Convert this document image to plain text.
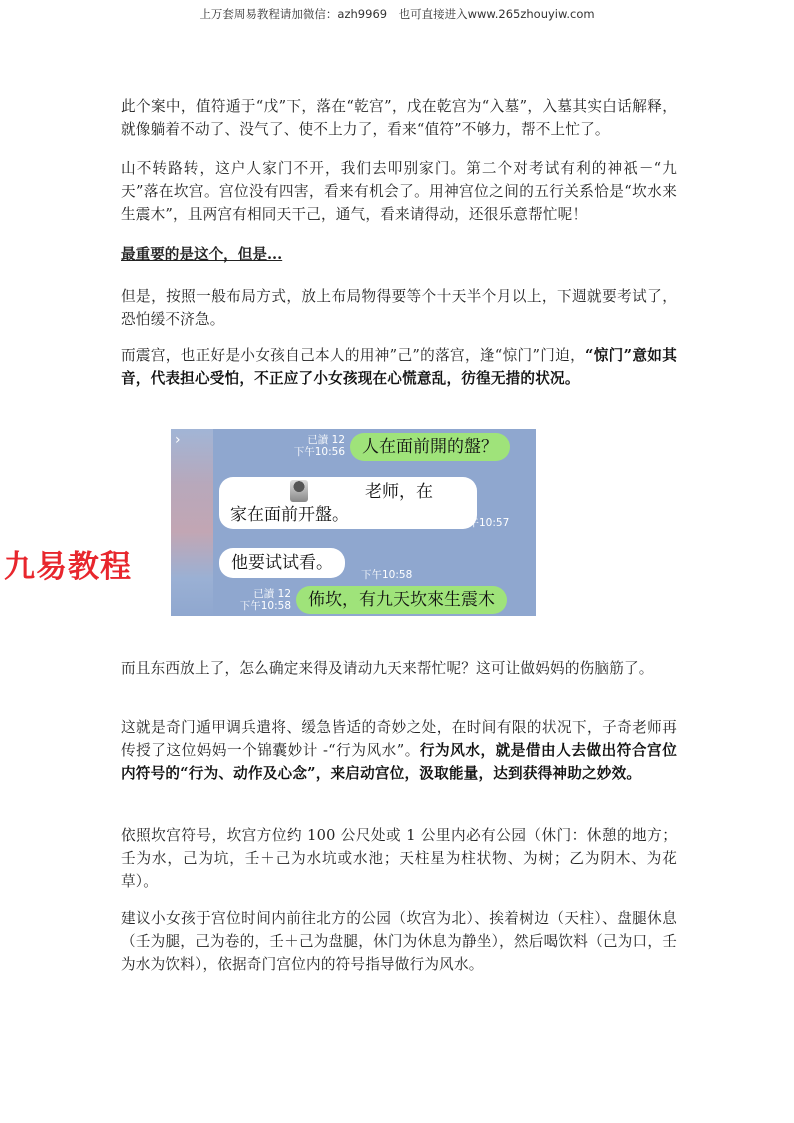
上万套周易教程请加微信：azh9969　也可直接进入www.265zhouyiw.com

此个案中，值符遁于“戊”下，落在“乾宫”，戊在乾宫为“入墓”，入墓其实白话解释，就像躺着不动了、没气了、使不上力了，看来“值符”不够力，帮不上忙了。

山不转路转，这户人家门不开，我们去叩别家门。第二个对考试有利的神祇－“九天”落在坎宫。宫位没有四害，看来有机会了。用神宫位之间的五行关系恰是“坎水来生震木”，且两宫有相同天干己，通气，看来请得动，还很乐意帮忙呢！

最重要的是这个，但是...

但是，按照一般布局方式，放上布局物得要等个十天半个月以上，下週就要考试了，恐怕缓不济急。

而震宫，也正好是小女孩自己本人的用神”己”的落宫，逢“惊门”门迫，“惊门”意如其音，代表担心受怕，不正应了小女孩现在心慌意乱，彷徨无措的状况。

而且东西放上了，怎么确定来得及请动九天来帮忙呢？这可让做妈妈的伤脑筋了。

这就是奇门遁甲调兵遣将、缓急皆适的奇妙之处，在时间有限的状况下，子奇老师再传授了这位妈妈一个锦囊妙计 -“行为风水”。行为风水，就是借由人去做出符合宫位内符号的“行为、动作及心念”，来启动宫位，汲取能量，达到获得神助之妙效。

依照坎宫符号，坎宫方位约 100 公尺处或 1 公里内必有公园（休门：休憩的地方；壬为水，己为坑，壬＋己为水坑或水池；天柱星为柱状物、为树；乙为阴木、为花草）。

建议小女孩于宫位时间内前往北方的公园（坎宫为北）、挨着树边（天柱）、盘腿休息（壬为腿，己为卷的，壬＋己为盘腿，休门为休息为静坐），然后喝饮料（己为口，壬为水为饮料），依据奇门宫位内的符号指导做行为风水。

›	已讀 12
下午10:56	人在面前開的盤？
老师，在
家在面前开盤。	下午10:57
他要试试看。
下午10:58
已讀 12
下午10:58	佈坎，有九天坎來生震木
九易教程
